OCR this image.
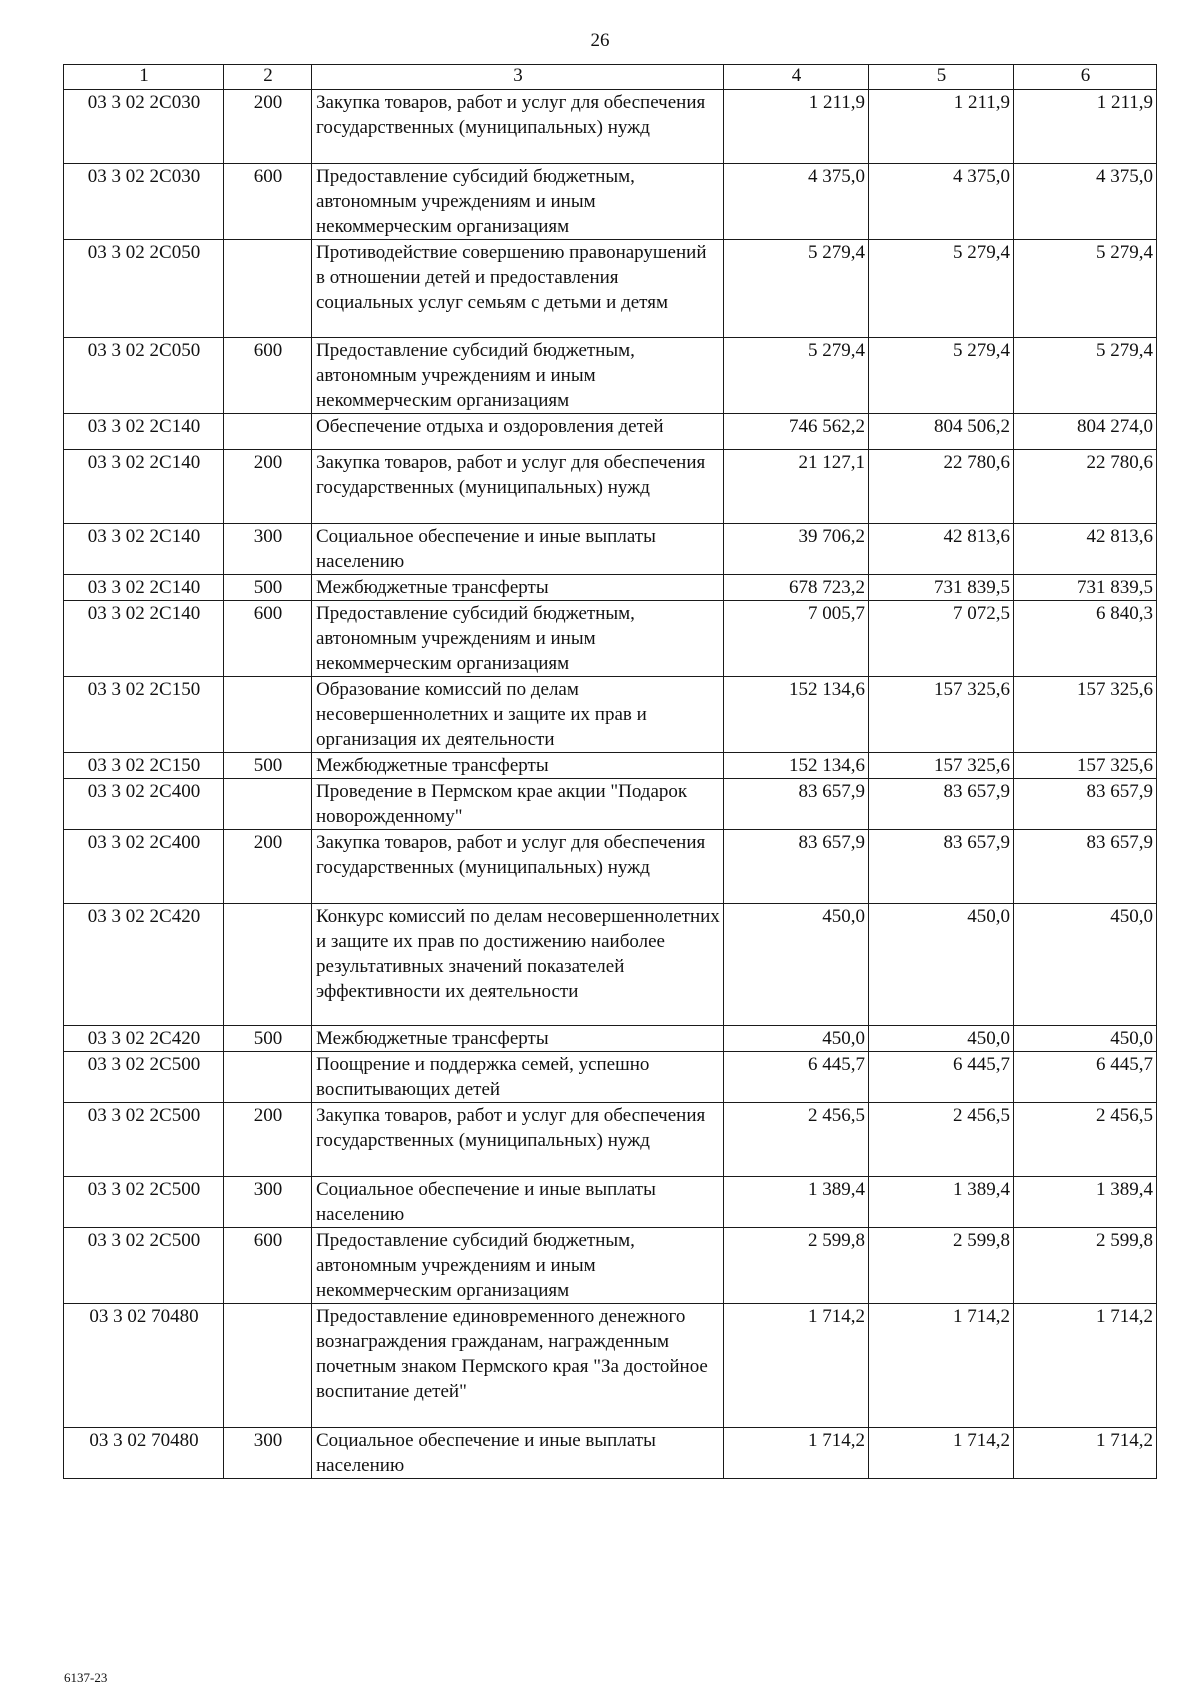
26
1	2	3	4	5	6
03 3 02 2С030	200	Закупка товаров, работ и услуг для обеспечения государственных (муниципальных) нужд	1 211,9	1 211,9	1 211,9
03 3 02 2С030	600	Предоставление субсидий бюджетным, автономным учреждениям и иным некоммерческим организациям	4 375,0	4 375,0	4 375,0
03 3 02 2С050		Противодействие совершению правонарушений в отношении детей и предоставления социальных услуг семьям с детьми и детям	5 279,4	5 279,4	5 279,4
03 3 02 2С050	600	Предоставление субсидий бюджетным, автономным учреждениям и иным некоммерческим организациям	5 279,4	5 279,4	5 279,4
03 3 02 2С140		Обеспечение отдыха и оздоровления детей	746 562,2	804 506,2	804 274,0
03 3 02 2С140	200	Закупка товаров, работ и услуг для обеспечения государственных (муниципальных) нужд	21 127,1	22 780,6	22 780,6
03 3 02 2С140	300	Социальное обеспечение и иные выплаты населению	39 706,2	42 813,6	42 813,6
03 3 02 2С140	500	Межбюджетные трансферты	678 723,2	731 839,5	731 839,5
03 3 02 2С140	600	Предоставление субсидий бюджетным, автономным учреждениям и иным некоммерческим организациям	7 005,7	7 072,5	6 840,3
03 3 02 2С150		Образование комиссий по делам несовершеннолетних и защите их прав и организация их деятельности	152 134,6	157 325,6	157 325,6
03 3 02 2С150	500	Межбюджетные трансферты	152 134,6	157 325,6	157 325,6
03 3 02 2С400		Проведение в Пермском крае акции "Подарок новорожденному"	83 657,9	83 657,9	83 657,9
03 3 02 2С400	200	Закупка товаров, работ и услуг для обеспечения государственных (муниципальных) нужд	83 657,9	83 657,9	83 657,9
03 3 02 2С420		Конкурс комиссий по делам несовершеннолетних и защите их прав по достижению наиболее результативных значений показателей эффективности их деятельности	450,0	450,0	450,0
03 3 02 2С420	500	Межбюджетные трансферты	450,0	450,0	450,0
03 3 02 2С500		Поощрение и поддержка семей, успешно воспитывающих детей	6 445,7	6 445,7	6 445,7
03 3 02 2С500	200	Закупка товаров, работ и услуг для обеспечения государственных (муниципальных) нужд	2 456,5	2 456,5	2 456,5
03 3 02 2С500	300	Социальное обеспечение и иные выплаты населению	1 389,4	1 389,4	1 389,4
03 3 02 2С500	600	Предоставление субсидий бюджетным, автономным учреждениям и иным некоммерческим организациям	2 599,8	2 599,8	2 599,8
03 3 02 70480		Предоставление единовременного денежного вознаграждения гражданам, награжденным почетным знаком Пермского края "За достойное воспитание детей"	1 714,2	1 714,2	1 714,2
03 3 02 70480	300	Социальное обеспечение и иные выплаты населению	1 714,2	1 714,2	1 714,2
6137-23
